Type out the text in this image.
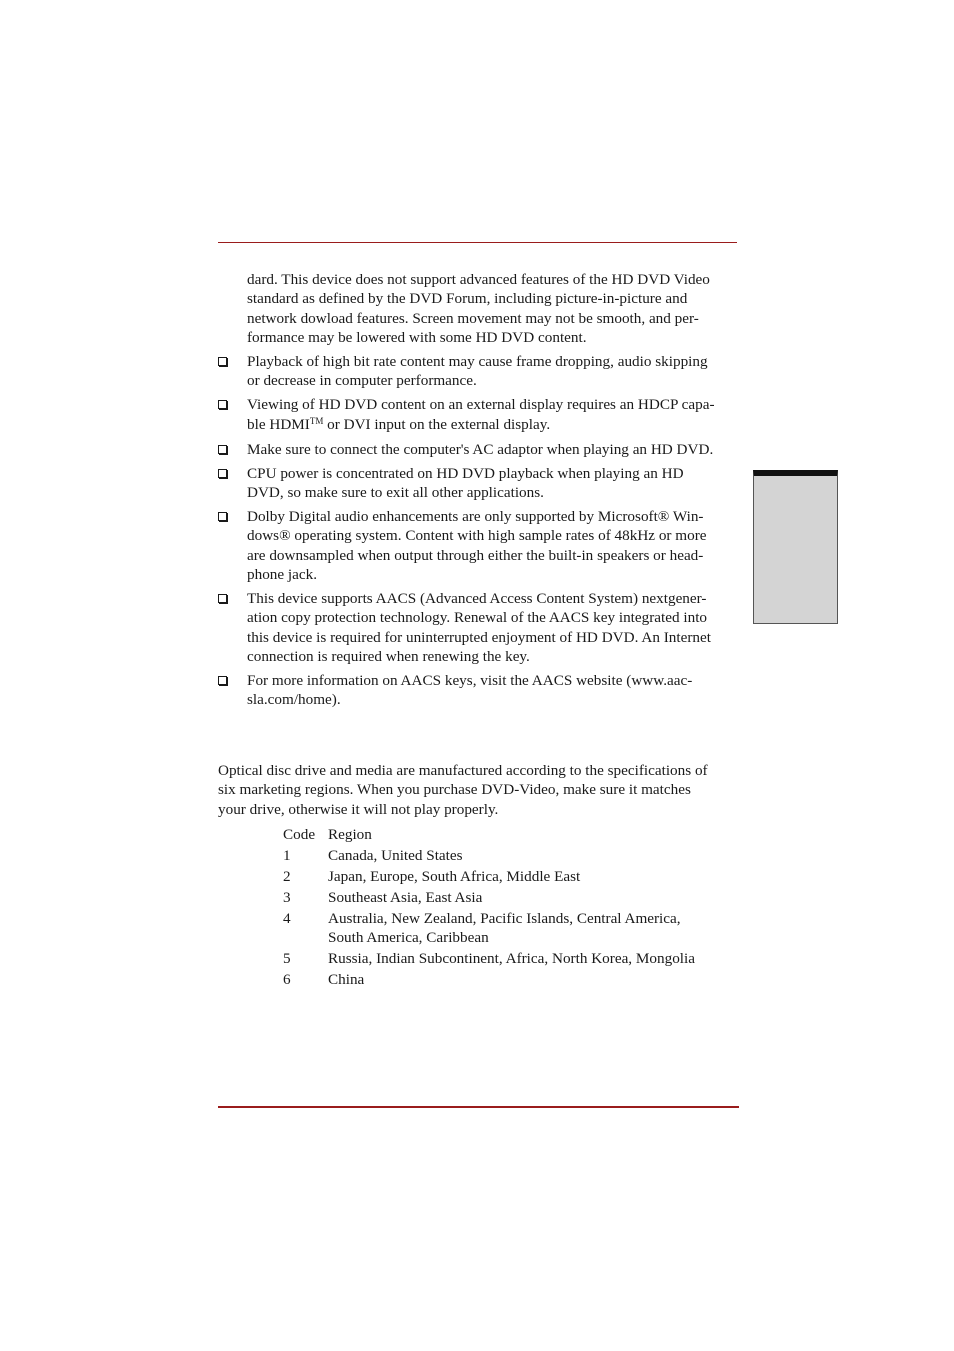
dard. This device does not support advanced features of the HD DVD Video
standard as defined by the DVD Forum, including picture-in-picture and
network dowload features. Screen movement may not be smooth, and per-
formance may be lowered with some HD DVD content.
Playback of high bit rate content may cause frame dropping, audio skipping
or decrease in computer performance.
Viewing of HD DVD content on an external display requires an HDCP capa-
ble HDMI™ or DVI input on the external display.
Make sure to connect the computer's AC adaptor when playing an HD DVD.
CPU power is concentrated on HD DVD playback when playing an HD
DVD, so make sure to exit all other applications.
Dolby Digital audio enhancements are only supported by Microsoft® Win-
dows® operating system. Content with high sample rates of 48kHz or more
are downsampled when output through either the built-in speakers or head-
phone jack.
This device supports AACS (Advanced Access Content System) nextgener-
ation copy protection technology. Renewal of the AACS key integrated into
this device is required for uninterrupted enjoyment of HD DVD. An Internet
connection is required when renewing the key.
For more information on AACS keys, visit the AACS website (www.aac-
sla.com/home).
Optical disc drive and media are manufactured according to the specifications of
six marketing regions. When you purchase DVD-Video, make sure it matches
your drive, otherwise it will not play properly.
Code Region
1 Canada, United States
2 Japan, Europe, South Africa, Middle East
3 Southeast Asia, East Asia
4 Australia, New Zealand, Pacific Islands, Central America,
South America, Caribbean
5 Russia, Indian Subcontinent, Africa, North Korea, Mongolia
6 China
